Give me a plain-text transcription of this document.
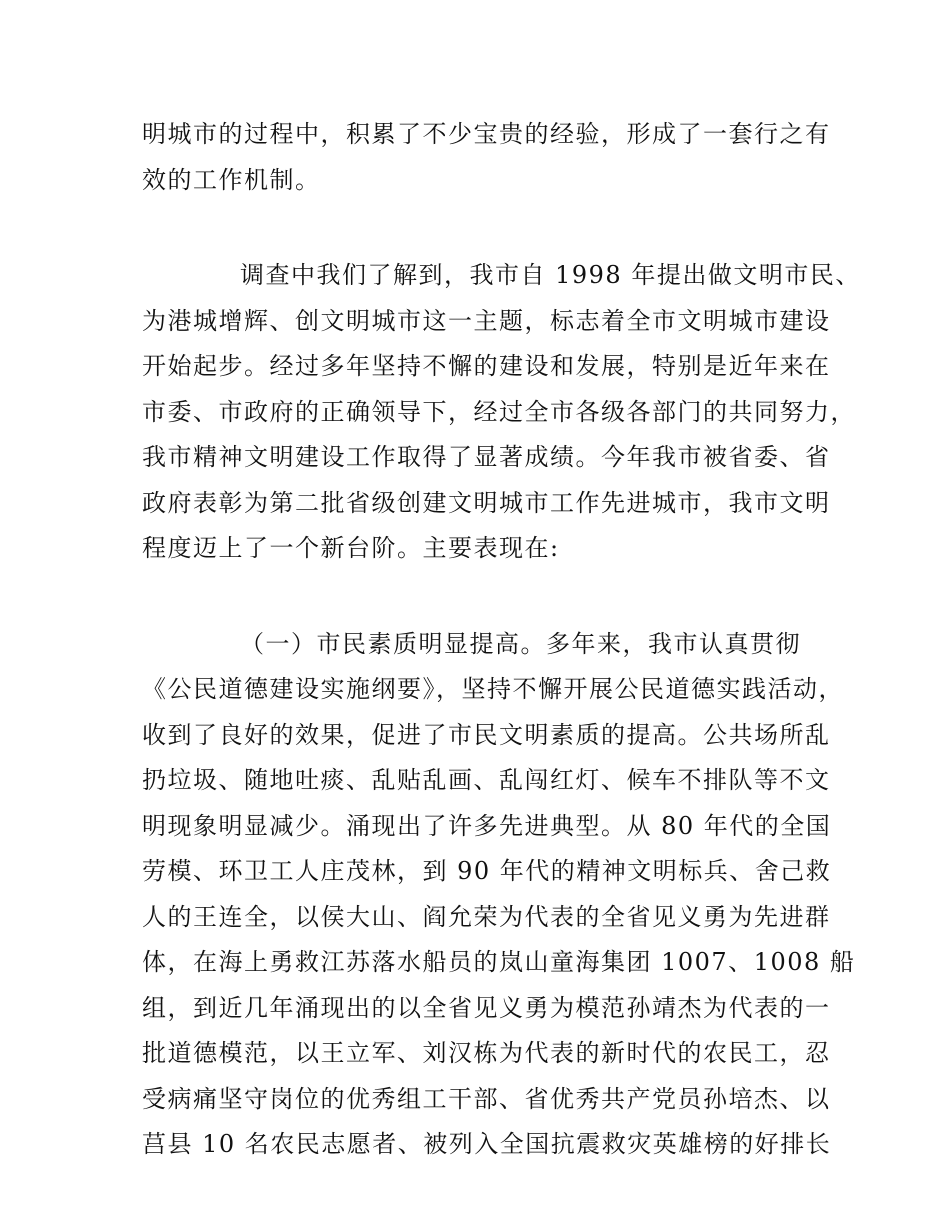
明城市的过程中，积累了不少宝贵的经验，形成了一套行之有
效的工作机制。

调查中我们了解到，我市自 1998 年提出做文明市民、
为港城增辉、创文明城市这一主题，标志着全市文明城市建设
开始起步。经过多年坚持不懈的建设和发展，特别是近年来在
市委、市政府的正确领导下，经过全市各级各部门的共同努力，
我市精神文明建设工作取得了显著成绩。今年我市被省委、省
政府表彰为第二批省级创建文明城市工作先进城市，我市文明
程度迈上了一个新台阶。主要表现在:

（一）市民素质明显提高。多年来，我市认真贯彻
《公民道德建设实施纲要》，坚持不懈开展公民道德实践活动，
收到了良好的效果，促进了市民文明素质的提高。公共场所乱
扔垃圾、随地吐痰、乱贴乱画、乱闯红灯、候车不排队等不文
明现象明显减少。涌现出了许多先进典型。从 80 年代的全国
劳模、环卫工人庄茂林，到 90 年代的精神文明标兵、舍己救
人的王连全，以侯大山、阎允荣为代表的全省见义勇为先进群
体，在海上勇救江苏落水船员的岚山童海集团 1007、1008 船
组，到近几年涌现出的以全省见义勇为模范孙靖杰为代表的一
批道德模范，以王立军、刘汉栋为代表的新时代的农民工，忍
受病痛坚守岗位的优秀组工干部、省优秀共产党员孙培杰、以
莒县 10 名农民志愿者、被列入全国抗震救灾英雄榜的好排长
